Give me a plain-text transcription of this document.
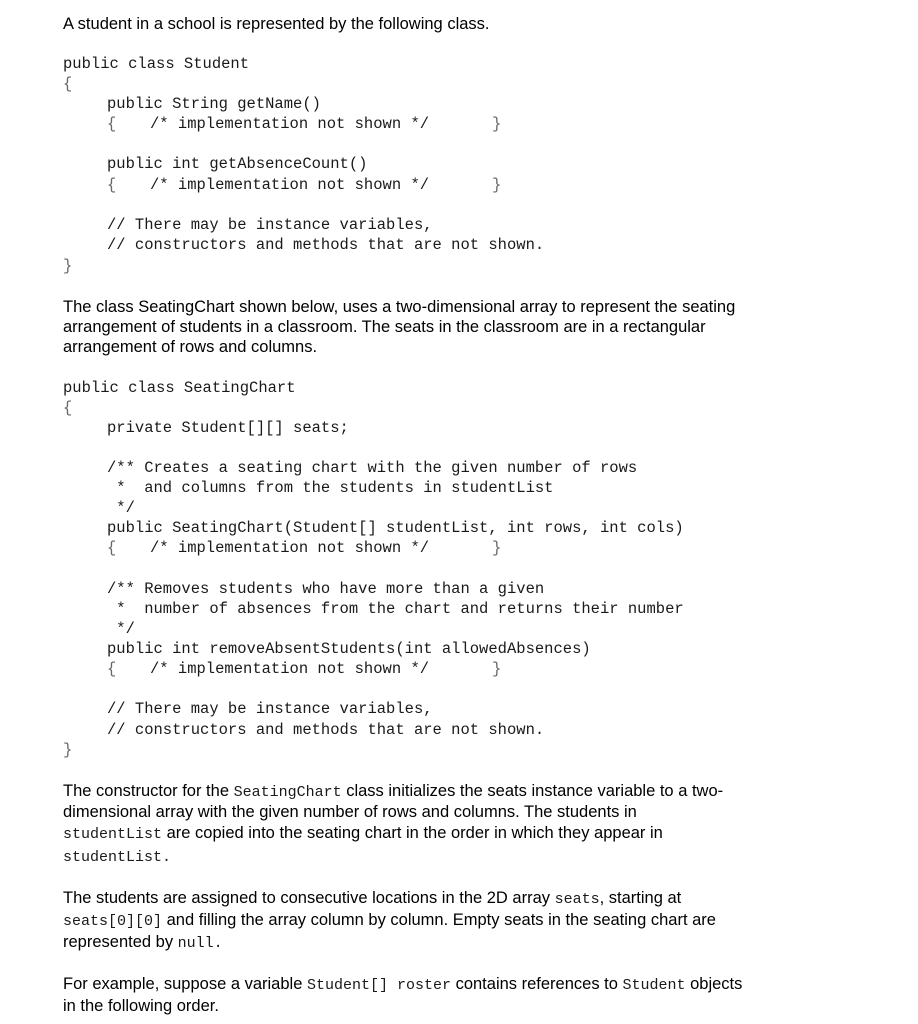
A student in a school is represented by the following class.
public class Student
{
public String getName()
{ /* implementation not shown */	}
public int getAbsenceCount()
{ /* implementation not shown */	}
// There may be instance variables,
// constructors and methods that are not shown.
}
The class SeatingChart shown below, uses a two-dimensional array to represent the seating
arrangement of students in a classroom. The seats in the classroom are in a rectangular
arrangement of rows and columns.
public class SeatingChart
{
private Student[][] seats;
/** Creates a seating chart with the given number of rows
*  and columns from the students in studentList
*/
public SeatingChart(Student[] studentList, int rows, int cols)
{ /* implementation not shown */	}
/** Removes students who have more than a given
*  number of absences from the chart and returns their number
*/
public int removeAbsentStudents(int allowedAbsences)
{ /* implementation not shown */	}
// There may be instance variables,
// constructors and methods that are not shown.
}
The constructor for the SeatingChart class initializes the seats instance variable to a two-
dimensional array with the given number of rows and columns. The students in
studentList are copied into the seating chart in the order in which they appear in
studentList.
The students are assigned to consecutive locations in the 2D array seats, starting at
seats[0][0] and filling the array column by column. Empty seats in the seating chart are
represented by null.
For example, suppose a variable Student[] roster contains references to Student objects
in the following order.
